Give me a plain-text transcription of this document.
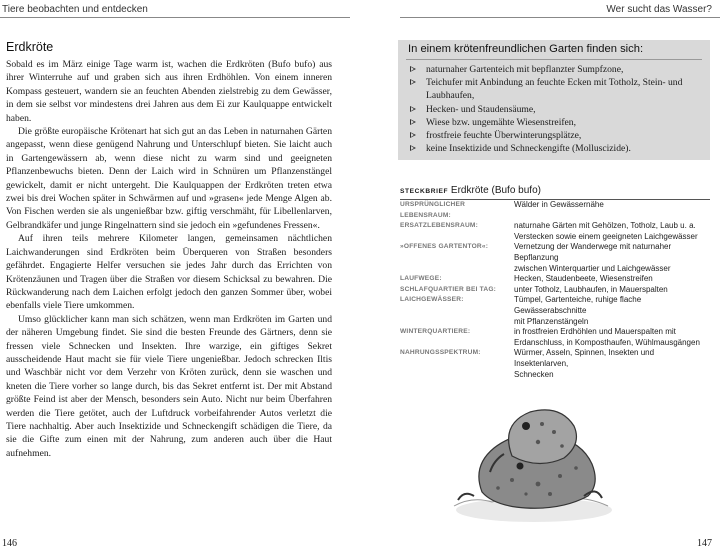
Tiere beobachten und entdecken
Erdkröte

Sobald es im März einige Tage warm ist, wachen die Erdkröten (Bufo bufo) aus ihrer Winterruhe auf und graben sich aus ihren Erdhöhlen. Von einem inneren Kompass gesteuert, wandern sie an feuchten Abenden zielstrebig zu dem Gewässer, in dem sie selbst vor mindestens drei Jahren aus dem Ei zur Kaulquappe entwickelt haben.

Die größte europäische Krötenart hat sich gut an das Leben in naturnahen Gärten angepasst, wenn diese genügend Nahrung und Unterschlupf bieten. Sie laicht auch in Gartengewässern ab, wenn diese nicht zu warm sind und geeigneten Pflanzenbewuchs bieten. Denn der Laich wird in Schnüren um Pflanzenstängel gewickelt, damit er nicht untergeht. Die Kaulquappen der Erdkröten treten etwa zwei bis drei Wochen später in Schwärmen auf und »grasen« jede Menge Algen ab. Von Fischen werden sie als ungenießbar bzw. giftig verschmäht, für Libellenlarven, Gelbrandkäfer und junge Ringelnattern sind sie jedoch ein »gefundenes Fressen«.

Auf ihren teils mehrere Kilometer langen, gemeinsamen nächtlichen Laichwanderungen sind Erdkröten beim Überqueren von Straßen besonders gefährdet. Engagierte Helfer versuchen sie jedes Jahr durch das Errichten von Krötenzäunen und Tragen über die Straßen vor diesem Schicksal zu bewahren. Die Rückwanderung nach dem Laichen erfolgt jedoch den ganzen Sommer über, wobei ebenfalls viele Tiere umkommen.

Umso glücklicher kann man sich schätzen, wenn man Erdkröten im Garten und der näheren Umgebung findet. Sie sind die besten Freunde des Gärtners, denn sie fressen viele Schnecken und Insekten. Ihre warzige, ein giftiges Sekret ausscheidende Haut macht sie für viele Tiere ungenießbar. Jedoch schrecken Iltis und Waschbär nicht vor dem Verzehr von Kröten zurück, denn sie waschen und kneten die Tiere vorher so lange durch, bis das Sekret entfernt ist. Der mit Abstand größte Feind ist aber der Mensch, besonders sein Auto. Nicht nur beim Überfahren werden die Tiere getötet, auch der Luftdruck vorbeifahrender Autos verletzt die Tiere nachhaltig. Aber auch Insektizide und Schneckengift schädigen die Tiere, da sie die Gifte zum einen mit der Nahrung, zum anderen auch über die Haut aufnehmen.

146
Wer sucht das Wasser?
In einem krötenfreundlichen Garten finden sich:
naturnaher Gartenteich mit bepflanzter Sumpfzone,
Teichufer mit Anbindung an feuchte Ecken mit Totholz, Stein- und Laubhaufen,
Hecken- und Staudensäume,
Wiese bzw. ungemähte Wiesenstreifen,
frostfreie feuchte Überwinterungsplätze,
keine Insektizide und Schneckengifte (Molluscizide).
STECKBRIEF Erdkröte (Bufo bufo)
URSPRÜNGLICHER LEBENSRAUM:
Wälder in Gewässernähe
ERSATZLEBENSRAUM:	naturnahe Gärten mit Gehölzen, Totholz, Laub u. a.
Verstecken sowie einem geeigneten Laichgewässer
»OFFENES GARTENTOR«:	Vernetzung der Wanderwege mit naturnaher Bepflanzung
zwischen Winterquartier und Laichgewässer
LAUFWEGE:	Hecken, Staudenbeete, Wiesenstreifen
SCHLAFQUARTIER BEI TAG:	unter Totholz, Laubhaufen, in Mauerspalten
LAICHGEWÄSSER:	Tümpel, Gartenteiche, ruhige flache Gewässerabschnitte
mit Pflanzenstängeln
WINTERQUARTIERE:	in frostfreien Erdhöhlen und Mauerspalten mit
Erdanschluss, in Komposthaufen, Wühlmausgängen
NAHRUNGSSPEKTRUM:	Würmer, Asseln, Spinnen, Insekten und Insektenlarven,
Schnecken
147
